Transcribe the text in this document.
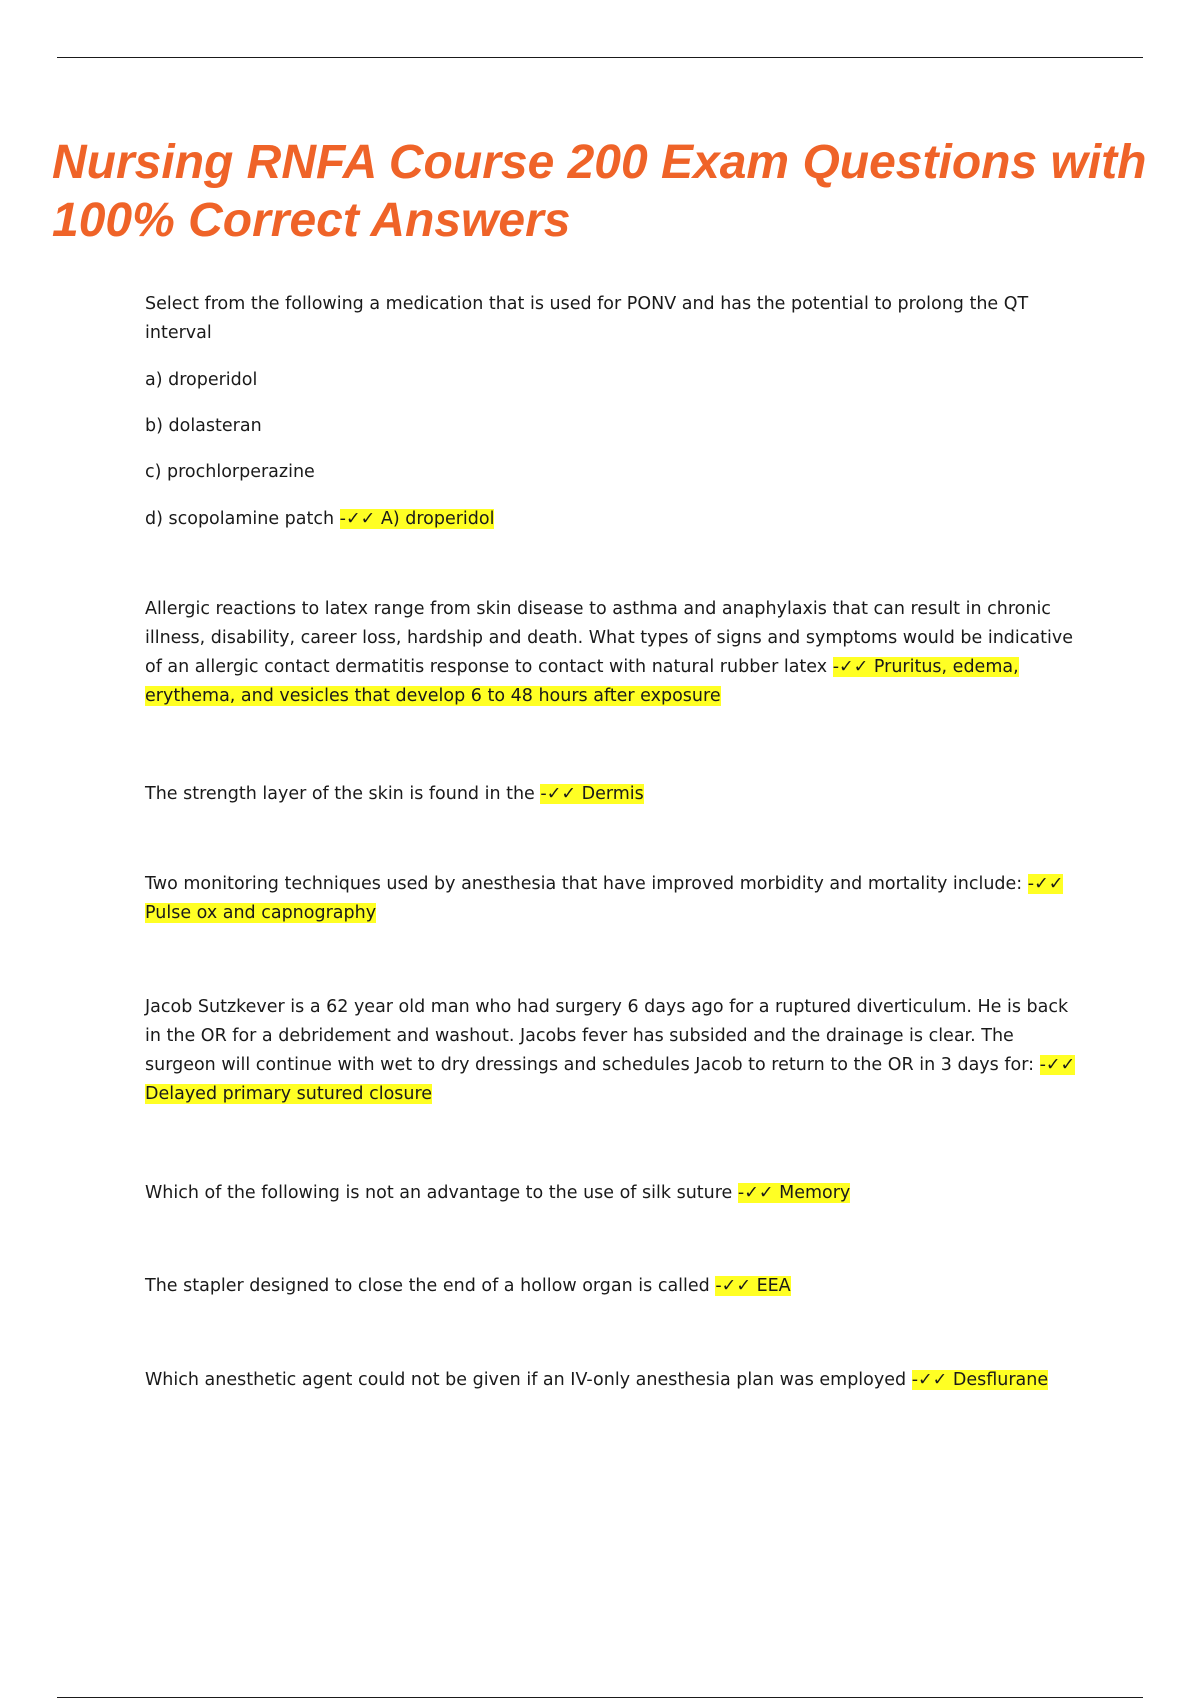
Nursing RNFA Course 200 Exam Questions with 100% Correct Answers

Select from the following a medication that is used for PONV and has the potential to prolong the QT interval

a) droperidol

b) dolasteran

c) prochlorperazine

d) scopolamine patch -✓✓ A) droperidol

Allergic reactions to latex range from skin disease to asthma and anaphylaxis that can result in chronic illness, disability, career loss, hardship and death. What types of signs and symptoms would be indicative of an allergic contact dermatitis response to contact with natural rubber latex -✓✓ Pruritus, edema, erythema, and vesicles that develop 6 to 48 hours after exposure

The strength layer of the skin is found in the -✓✓ Dermis

Two monitoring techniques used by anesthesia that have improved morbidity and mortality include: -✓✓ Pulse ox and capnography

Jacob Sutzkever is a 62 year old man who had surgery 6 days ago for a ruptured diverticulum. He is back in the OR for a debridement and washout. Jacobs fever has subsided and the drainage is clear. The surgeon will continue with wet to dry dressings and schedules Jacob to return to the OR in 3 days for: -✓✓ Delayed primary sutured closure

Which of the following is not an advantage to the use of silk suture -✓✓ Memory

The stapler designed to close the end of a hollow organ is called -✓✓ EEA

Which anesthetic agent could not be given if an IV-only anesthesia plan was employed -✓✓ Desflurane
